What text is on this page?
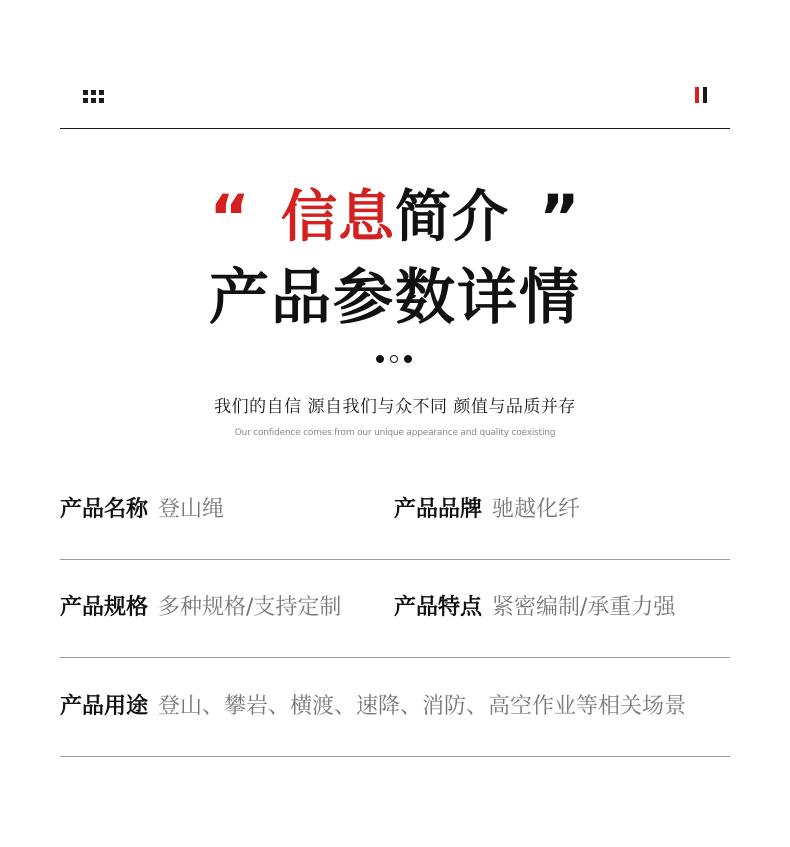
“ 信息简介 ”
产品参数详情
我们的自信 源自我们与众不同 颜值与品质并存
Our confidence comes from our unique appearance and quality coexisting
产品名称 登山绳	产品品牌 驰越化纤
产品规格 多种规格/支持定制 产品特点 紧密编制/承重力强
产品用途 登山、攀岩、横渡、速降、消防、高空作业等相关场景
